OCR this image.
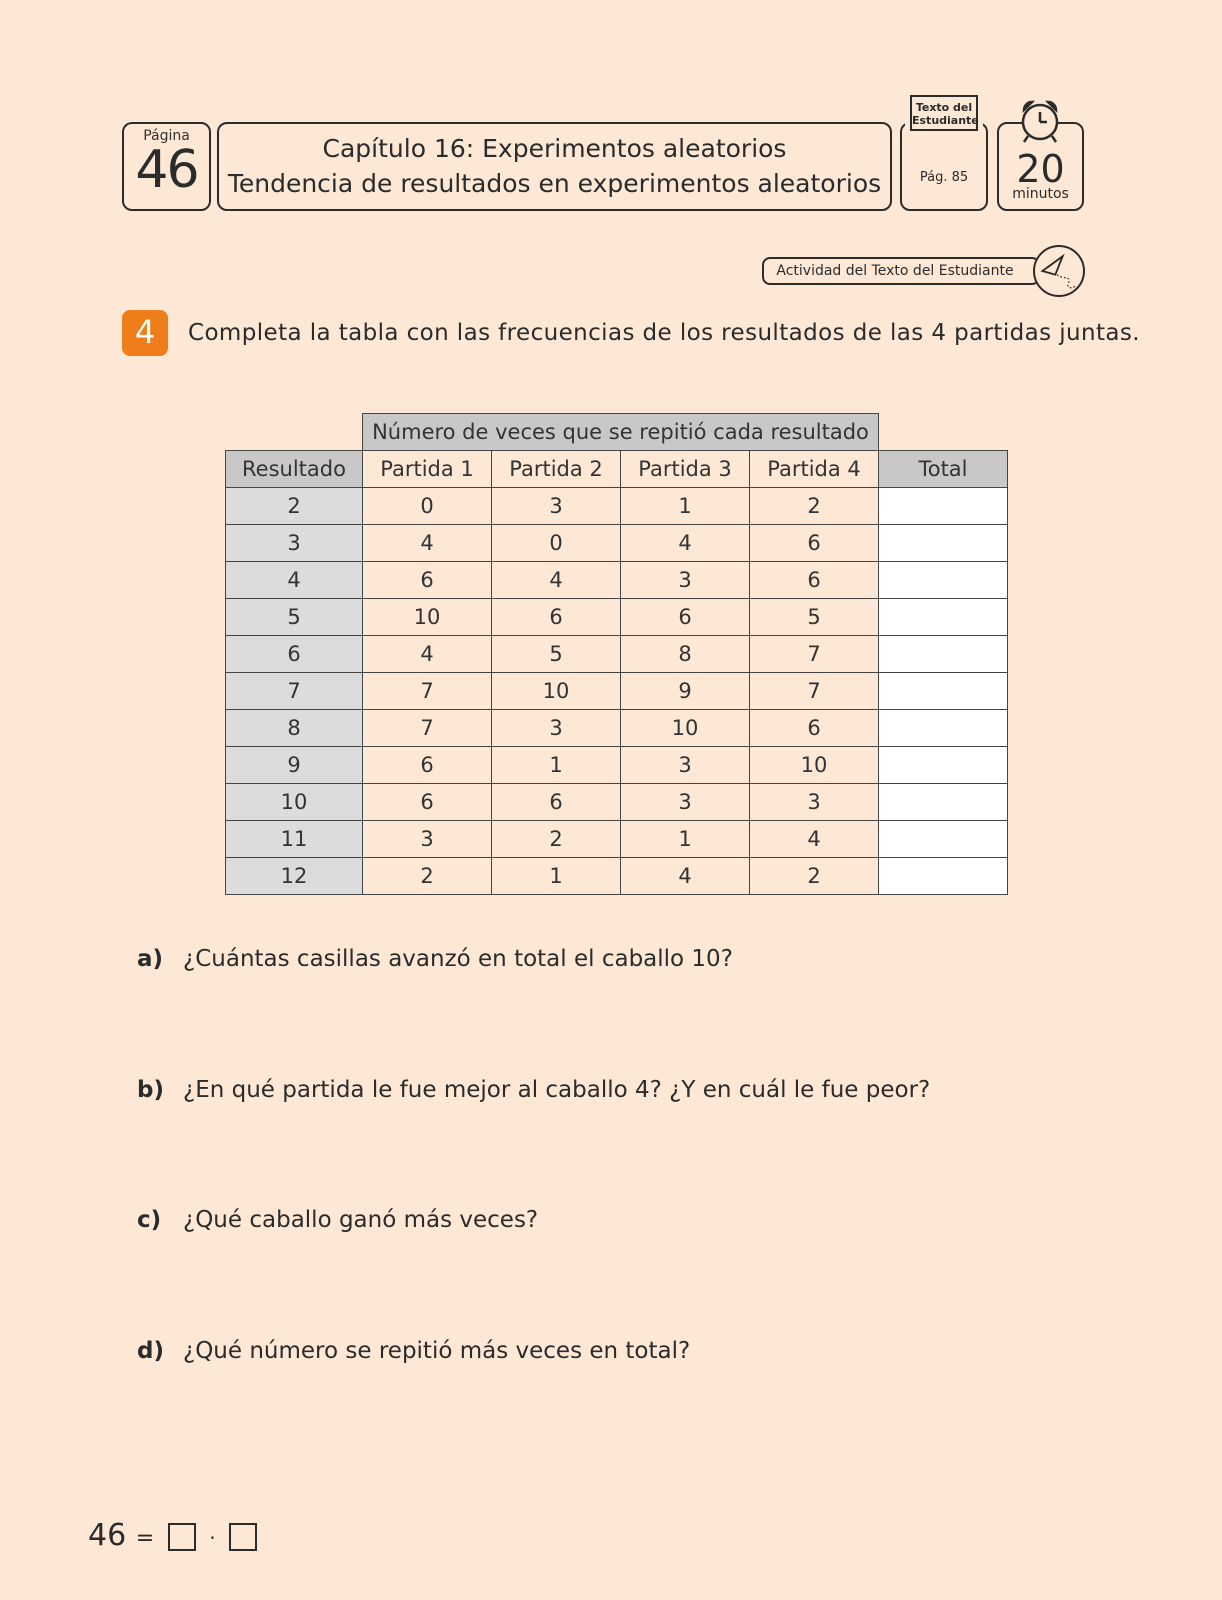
Página
46	Capítulo 16: Experimentos aleatorios
Tendencia de resultados en experimentos aleatorios	Pág. 85
Texto del Estudiante
20
minutos
Actividad del Texto del Estudiante
4	Completa la tabla con las frecuencias de los resultados de las 4 partidas juntas.
	Número de veces que se repitió cada resultado				
Resultado	Partida 1	Partida 2	Partida 3	Partida 4	Total
2	0	3	1	2	
3	4	0	4	6	
4	6	4	3	6	
5	10	6	6	5	
6	4	5	8	7	
7	7	10	9	7	
8	7	3	10	6	
9	6	1	3	10	
10	6	6	3	3	
11	3	2	1	4	
12	2	1	4	2	
a) ¿Cuántas casillas avanzó en total el caballo 10?
b) ¿En qué partida le fue mejor al caballo 4? ¿Y en cuál le fue peor?
c) ¿Qué caballo ganó más veces?
d) ¿Qué número se repitió más veces en total?
46 =	·
